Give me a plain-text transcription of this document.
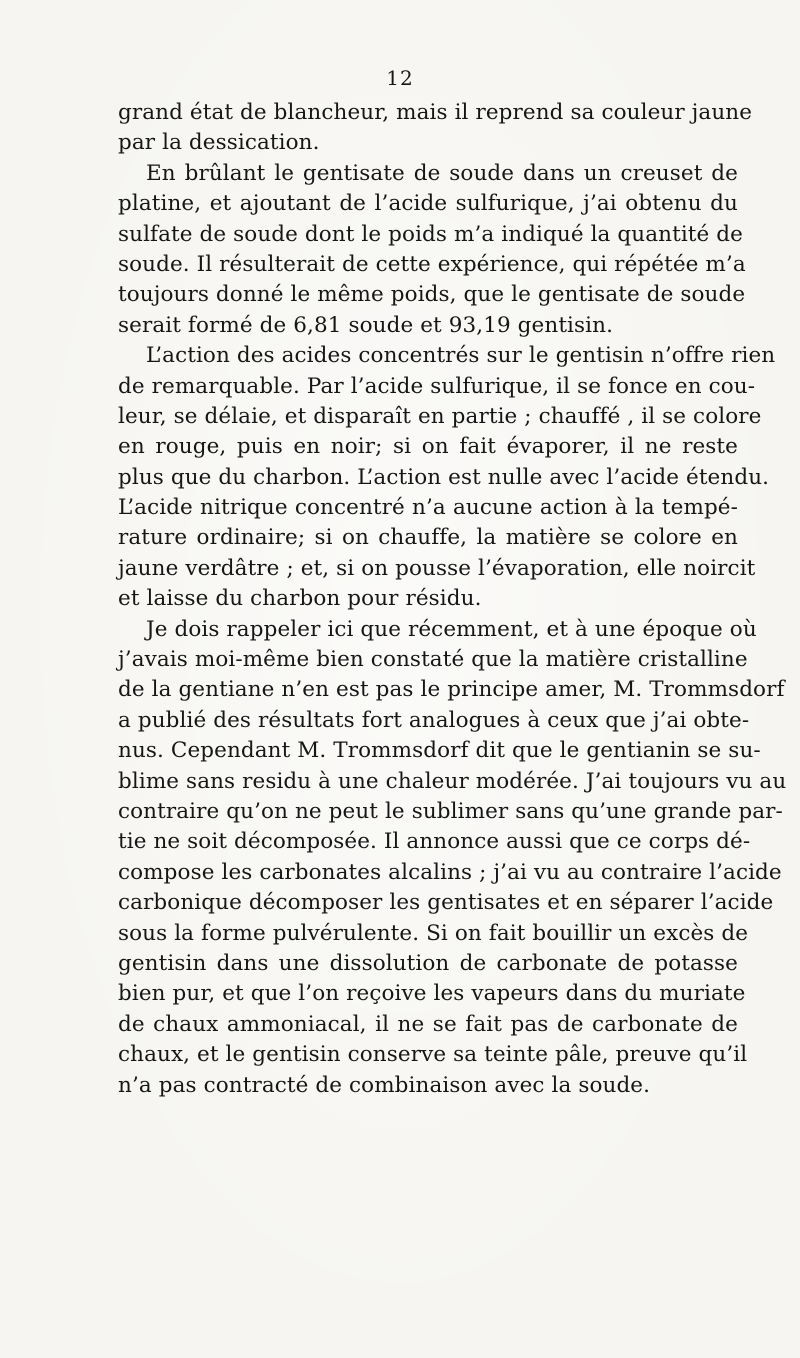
12
grand état de blancheur, mais il reprend sa couleur jaune
par la dessication.
En brûlant le gentisate de soude dans un creuset de
platine, et ajoutant de l’acide sulfurique, j’ai obtenu du
sulfate de soude dont le poids m’a indiqué la quantité de
soude. Il résulterait de cette expérience, qui répétée m’a
toujours donné le même poids, que le gentisate de soude
serait formé de 6,81 soude et 93,19 gentisin.
L’action des acides concentrés sur le gentisin n’offre rien
de remarquable. Par l’acide sulfurique, il se fonce en cou-
leur, se délaie, et disparaît en partie ; chauffé , il se colore
en rouge, puis en noir; si on fait évaporer, il ne reste
plus que du charbon. L’action est nulle avec l’acide étendu.
L’acide nitrique concentré n’a aucune action à la tempé-
rature ordinaire; si on chauffe, la matière se colore en
jaune verdâtre ; et, si on pousse l’évaporation, elle noircit
et laisse du charbon pour résidu.
Je dois rappeler ici que récemment, et à une époque où
j’avais moi-même bien constaté que la matière cristalline
de la gentiane n’en est pas le principe amer, M. Trommsdorf
a publié des résultats fort analogues à ceux que j’ai obte-
nus. Cependant M. Trommsdorf dit que le gentianin se su-
blime sans residu à une chaleur modérée. J’ai toujours vu au
contraire qu’on ne peut le sublimer sans qu’une grande par-
tie ne soit décomposée. Il annonce aussi que ce corps dé-
compose les carbonates alcalins ; j’ai vu au contraire l’acide
carbonique décomposer les gentisates et en séparer l’acide
sous la forme pulvérulente. Si on fait bouillir un excès de
gentisin dans une dissolution de carbonate de potasse
bien pur, et que l’on reçoive les vapeurs dans du muriate
de chaux ammoniacal, il ne se fait pas de carbonate de
chaux, et le gentisin conserve sa teinte pâle, preuve qu’il
n’a pas contracté de combinaison avec la soude.
